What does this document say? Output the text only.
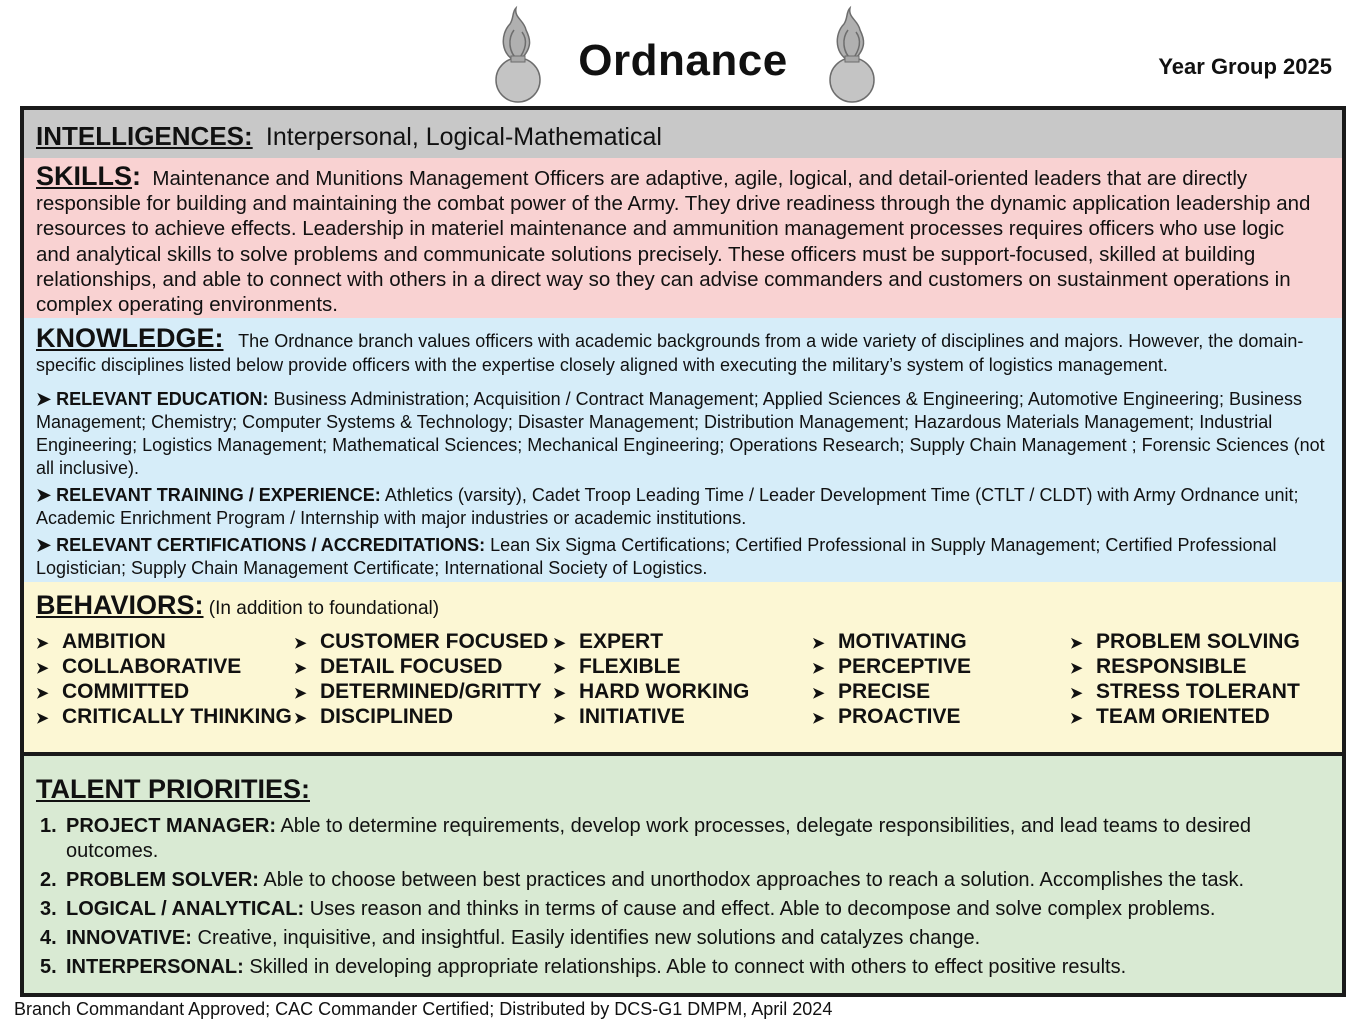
Ordnance	Year Group 2025
INTELLIGENCES: Interpersonal, Logical-Mathematical
SKILLS: Maintenance and Munitions Management Officers are adaptive, agile, logical, and detail-oriented leaders that are directly responsible for building and maintaining the combat power of the Army. They drive readiness through the dynamic application leadership and resources to achieve effects. Leadership in materiel maintenance and ammunition management processes requires officers who use logic and analytical skills to solve problems and communicate solutions precisely. These officers must be support-focused, skilled at building relationships, and able to connect with others in a direct way so they can advise commanders and customers on sustainment operations in complex operating environments.
KNOWLEDGE: The Ordnance branch values officers with academic backgrounds from a wide variety of disciplines and majors. However, the domain-specific disciplines listed below provide officers with the expertise closely aligned with executing the military’s system of logistics management.
➤ RELEVANT EDUCATION: Business Administration; Acquisition / Contract Management; Applied Sciences & Engineering; Automotive Engineering; Business Management; Chemistry; Computer Systems & Technology; Disaster Management; Distribution Management; Hazardous Materials Management; Industrial Engineering; Logistics Management; Mathematical Sciences; Mechanical Engineering; Operations Research; Supply Chain Management ; Forensic Sciences (not all inclusive).
➤ RELEVANT TRAINING / EXPERIENCE: Athletics (varsity), Cadet Troop Leading Time / Leader Development Time (CTLT / CLDT) with Army Ordnance unit; Academic Enrichment Program / Internship with major industries or academic institutions.
➤ RELEVANT CERTIFICATIONS / ACCREDITATIONS: Lean Six Sigma Certifications; Certified Professional in Supply Management; Certified Professional Logistician; Supply Chain Management Certificate; International Society of Logistics.
BEHAVIORS: (In addition to foundational)
➤ AMBITION
➤ COLLABORATIVE
➤ COMMITTED
➤ CRITICALLY THINKING
➤ CUSTOMER FOCUSED
➤ DETAIL FOCUSED
➤ DETERMINED/GRITTY
➤ DISCIPLINED
➤ EXPERT
➤ FLEXIBLE
➤ HARD WORKING
➤ INITIATIVE
➤ MOTIVATING
➤ PERCEPTIVE
➤ PRECISE
➤ PROACTIVE
➤ PROBLEM SOLVING
➤ RESPONSIBLE
➤ STRESS TOLERANT
➤ TEAM ORIENTED
TALENT PRIORITIES:
1. PROJECT MANAGER: Able to determine requirements, develop work processes, delegate responsibilities, and lead teams to desired outcomes.
2. PROBLEM SOLVER: Able to choose between best practices and unorthodox approaches to reach a solution. Accomplishes the task.
3. LOGICAL / ANALYTICAL: Uses reason and thinks in terms of cause and effect. Able to decompose and solve complex problems.
4. INNOVATIVE: Creative, inquisitive, and insightful. Easily identifies new solutions and catalyzes change.
5. INTERPERSONAL: Skilled in developing appropriate relationships. Able to connect with others to effect positive results.
Branch Commandant Approved; CAC Commander Certified; Distributed by DCS-G1 DMPM, April 2024
